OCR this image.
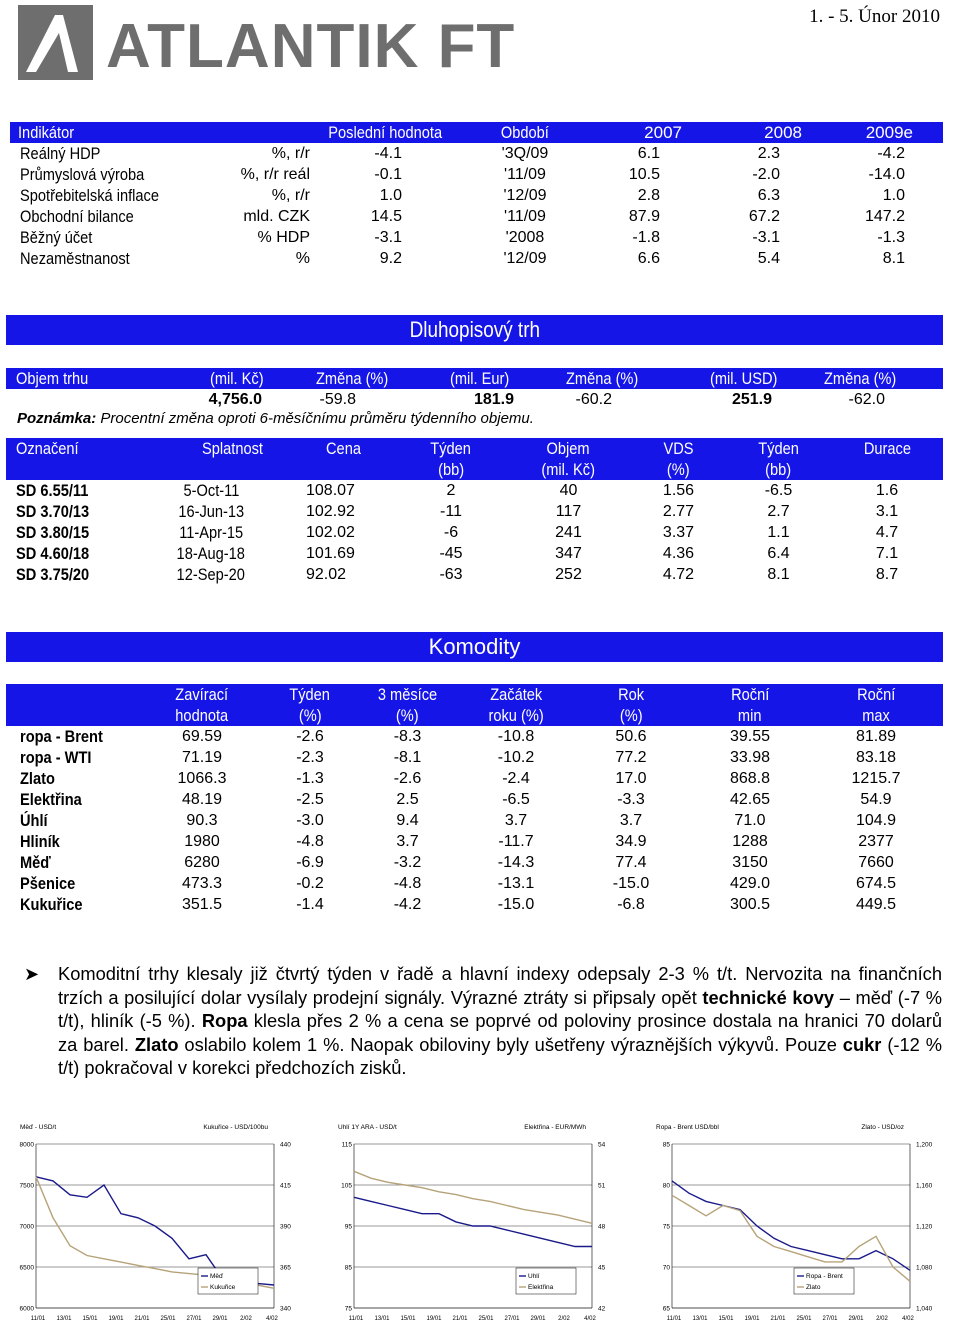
ATLANTIK FT	1. - 5. Únor 2010
Indikátor		Poslední hodnota	Období	2007	2008	2009e
Reálný HDP	%, r/r	-4.1	'3Q/09	6.1	2.3	-4.2
Průmyslová výroba	%, r/r reál	-0.1	'11/09	10.5	-2.0	-14.0
Spotřebitelská inflace	%, r/r	1.0	'12/09	2.8	6.3	1.0
Obchodní bilance	mld. CZK	14.5	'11/09	87.9	67.2	147.2
Běžný účet	% HDP	-3.1	'2008	-1.8	-3.1	-1.3
Nezaměstnanost	%	9.2	'12/09	6.6	5.4	8.1
Dluhopisový trh
Objem trhu	(mil. Kč)	Změna (%)	(mil. Eur)	Změna (%)	(mil. USD)	Změna (%)
	4,756.0	-59.8	181.9	-60.2	251.9	-62.0
Poznámka: Procentní změna oproti 6-měsíčnímu průměru týdenního objemu.
Označení	Splatnost	Cena	Týden	Objem	VDS	Týden	Durace
			(bb)	(mil. Kč)	(%)	(bb)	
SD 6.55/11	5-Oct-11	108.07	2	40	1.56	-6.5	1.6
SD 3.70/13	16-Jun-13	102.92	-11	117	2.77	2.7	3.1
SD 3.80/15	11-Apr-15	102.02	-6	241	3.37	1.1	4.7
SD 4.60/18	18-Aug-18	101.69	-45	347	4.36	6.4	7.1
SD 3.75/20	12-Sep-20	92.02	-63	252	4.72	8.1	8.7
Komodity
	Zavírací	Týden	3 měsíce	Začátek	Rok	Roční	Roční
	hodnota	(%)	(%)	roku (%)	(%)	min	max
ropa - Brent	69.59	-2.6	-8.3	-10.8	50.6	39.55	81.89
ropa - WTI	71.19	-2.3	-8.1	-10.2	77.2	33.98	83.18
Zlato	1066.3	-1.3	-2.6	-2.4	17.0	868.8	1215.7
Elektřina	48.19	-2.5	2.5	-6.5	-3.3	42.65	54.9
Úhlí	90.3	-3.0	9.4	3.7	3.7	71.0	104.9
Hliník	1980	-4.8	3.7	-11.7	34.9	1288	2377
Měď	6280	-6.9	-3.2	-14.3	77.4	3150	7660
Pšenice	473.3	-0.2	-4.8	-13.1	-15.0	429.0	674.5
Kukuřice	351.5	-1.4	-4.2	-15.0	-6.8	300.5	449.5
➤ Komoditní trhy klesaly již čtvrtý týden v řadě a hlavní indexy odepsaly 2-3 % t/t. Nervozita na finančních trzích a posilující dolar vysílaly prodejní signály. Výrazné ztráty si připsaly opět technické kovy – měď (-7 % t/t), hliník (-5 %). Ropa klesla přes 2 % a cena se poprvé od poloviny prosince dostala na hranici 70 dolarů za barel. Zlato oslabilo kolem 1 %. Naopak obiloviny byly ušetřeny výraznějších výkyvů. Pouze cukr (-12 % t/t) pokračoval v korekci předchozích zisků.
Měď - USD/t	Kukuřice - USD/100bu
6000	340
6500	365
7000	390
7500	415
8000	440
11/01 13/01 15/01 19/01 21/01 25/01 27/01 29/01 2/02 4/02
Měď
Kukuřice
Uhlí 1Y ARA - USD/t	Elektřina - EUR/MWh
75	42
85	45
95	48
105	51
115	54
11/01 13/01 15/01 19/01 21/01 25/01 27/01 29/01 2/02 4/02
Uhlí
Elektřina
Ropa - Brent USD/bbl	Zlato - USD/oz
65	1,040
70	1,080
75	1,120
80	1,160
85	1,200
11/01 13/01 15/01 19/01 21/01 25/01 27/01 29/01 2/02 4/02
Ropa - Brent
Zlato
